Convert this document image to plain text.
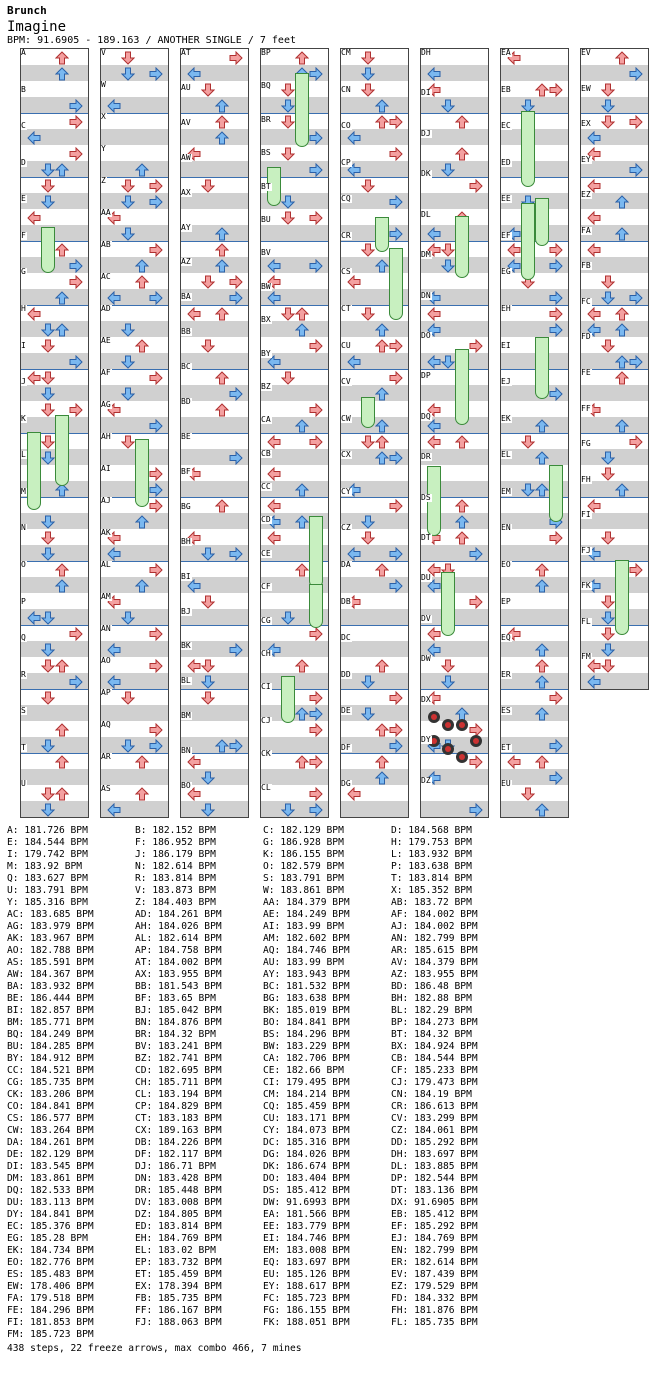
Brunch
Imagine
BPM: 91.6905 - 189.163 / ANOTHER SINGLE / 7 feet
A
B
C
D
E
F
G
H
I
J
K
L
M
N
O
P
Q
R
S
T
U
V
W
X
Y
Z
AA
AB
AC
AD
AE
AF
AG
AH
AI
AJ
AK
AL
AM
AN
AO
AP
AQ
AR
AS
AT
AU
AV
AW
AX
AY
AZ
BA
BB
BC
BD
BE
BF
BG
BH
BI
BJ
BK
BL
BM
BN
BO
BP
BQ
BR
BS
BT
BU
BV
BW
BX
BY
BZ
CA
CB
CC
CD
CE
CF
CG
CH
CI
CJ
CK
CL
CM
CN
CO
CP
CQ
CR
CS
CT
CU
CV
CW
CX
CY
CZ
DA
DB
DC
DD
DE
DF
DG
DH
DI
DJ
DK
DL
DM
DN
DO
DP
DQ
DR
DS
DT
DU
DV
DW
DX
DY
DZ
EA
EB
EC
ED
EE
EF
EG
EH
EI
EJ
EK
EL
EM
EN
EO
EP
EQ
ER
ES
ET
EU
EV
EW
EX
EY
EZ
FA
FB
FC
FD
FE
FF
FG
FH
FI
FJ
FK
FL
FM
A: 181.726 BPM	B: 182.152 BPM	C: 182.129 BPM	D: 184.568 BPM
E: 184.544 BPM	F: 186.952 BPM	G: 186.928 BPM	H: 179.753 BPM
I: 179.742 BPM	J: 186.179 BPM	K: 186.155 BPM	L: 183.932 BPM
M: 183.92 BPM	N: 182.614 BPM	O: 182.579 BPM	P: 183.638 BPM
Q: 183.627 BPM	R: 183.814 BPM	S: 183.791 BPM	T: 183.814 BPM
U: 183.791 BPM	V: 183.873 BPM	W: 183.861 BPM	X: 185.352 BPM
Y: 185.316 BPM	Z: 184.403 BPM	AA: 184.379 BPM	AB: 183.72 BPM
AC: 183.685 BPM	AD: 184.261 BPM	AE: 184.249 BPM	AF: 184.002 BPM
AG: 183.979 BPM	AH: 184.026 BPM	AI: 183.99 BPM	AJ: 184.002 BPM
AK: 183.967 BPM	AL: 182.614 BPM	AM: 182.602 BPM	AN: 182.799 BPM
AO: 182.788 BPM	AP: 184.758 BPM	AQ: 184.746 BPM	AR: 185.615 BPM
AS: 185.591 BPM	AT: 184.002 BPM	AU: 183.99 BPM	AV: 184.379 BPM
AW: 184.367 BPM	AX: 183.955 BPM	AY: 183.943 BPM	AZ: 183.955 BPM
BA: 183.932 BPM	BB: 181.543 BPM	BC: 181.532 BPM	BD: 186.48 BPM
BE: 186.444 BPM	BF: 183.65 BPM	BG: 183.638 BPM	BH: 182.88 BPM
BI: 182.857 BPM	BJ: 185.042 BPM	BK: 185.019 BPM	BL: 182.29 BPM
BM: 185.771 BPM	BN: 184.876 BPM	BO: 184.841 BPM	BP: 184.273 BPM
BQ: 184.249 BPM	BR: 184.32 BPM	BS: 184.296 BPM	BT: 184.32 BPM
BU: 184.285 BPM	BV: 183.241 BPM	BW: 183.229 BPM	BX: 184.924 BPM
BY: 184.912 BPM	BZ: 182.741 BPM	CA: 182.706 BPM	CB: 184.544 BPM
CC: 184.521 BPM	CD: 182.695 BPM	CE: 182.66 BPM	CF: 185.233 BPM
CG: 185.735 BPM	CH: 185.711 BPM	CI: 179.495 BPM	CJ: 179.473 BPM
CK: 183.206 BPM	CL: 183.194 BPM	CM: 184.214 BPM	CN: 184.19 BPM
CO: 184.841 BPM	CP: 184.829 BPM	CQ: 185.459 BPM	CR: 186.613 BPM
CS: 186.577 BPM	CT: 183.183 BPM	CU: 183.171 BPM	CV: 183.299 BPM
CW: 183.264 BPM	CX: 189.163 BPM	CY: 184.073 BPM	CZ: 184.061 BPM
DA: 184.261 BPM	DB: 184.226 BPM	DC: 185.316 BPM	DD: 185.292 BPM
DE: 182.129 BPM	DF: 182.117 BPM	DG: 184.026 BPM	DH: 183.697 BPM
DI: 183.545 BPM	DJ: 186.71 BPM	DK: 186.674 BPM	DL: 183.885 BPM
DM: 183.861 BPM	DN: 183.428 BPM	DO: 183.404 BPM	DP: 182.544 BPM
DQ: 182.533 BPM	DR: 185.448 BPM	DS: 185.412 BPM	DT: 183.136 BPM
DU: 183.113 BPM	DV: 183.008 BPM	DW: 91.6993 BPM	DX: 91.6905 BPM
DY: 184.841 BPM	DZ: 184.805 BPM	EA: 181.566 BPM	EB: 185.412 BPM
EC: 185.376 BPM	ED: 183.814 BPM	EE: 183.779 BPM	EF: 185.292 BPM
EG: 185.28 BPM	EH: 184.769 BPM	EI: 184.746 BPM	EJ: 184.769 BPM
EK: 184.734 BPM	EL: 183.02 BPM	EM: 183.008 BPM	EN: 182.799 BPM
EO: 182.776 BPM	EP: 183.732 BPM	EQ: 183.697 BPM	ER: 182.614 BPM
ES: 185.483 BPM	ET: 185.459 BPM	EU: 185.126 BPM	EV: 187.439 BPM
EW: 178.406 BPM	EX: 178.394 BPM	EY: 188.617 BPM	EZ: 179.529 BPM
FA: 179.518 BPM	FB: 185.735 BPM	FC: 185.723 BPM	FD: 184.332 BPM
FE: 184.296 BPM	FF: 186.167 BPM	FG: 186.155 BPM	FH: 181.876 BPM
FI: 181.853 BPM	FJ: 188.063 BPM	FK: 188.051 BPM	FL: 185.735 BPM
FM: 185.723 BPM
438 steps, 22 freeze arrows, max combo 466, 7 mines
